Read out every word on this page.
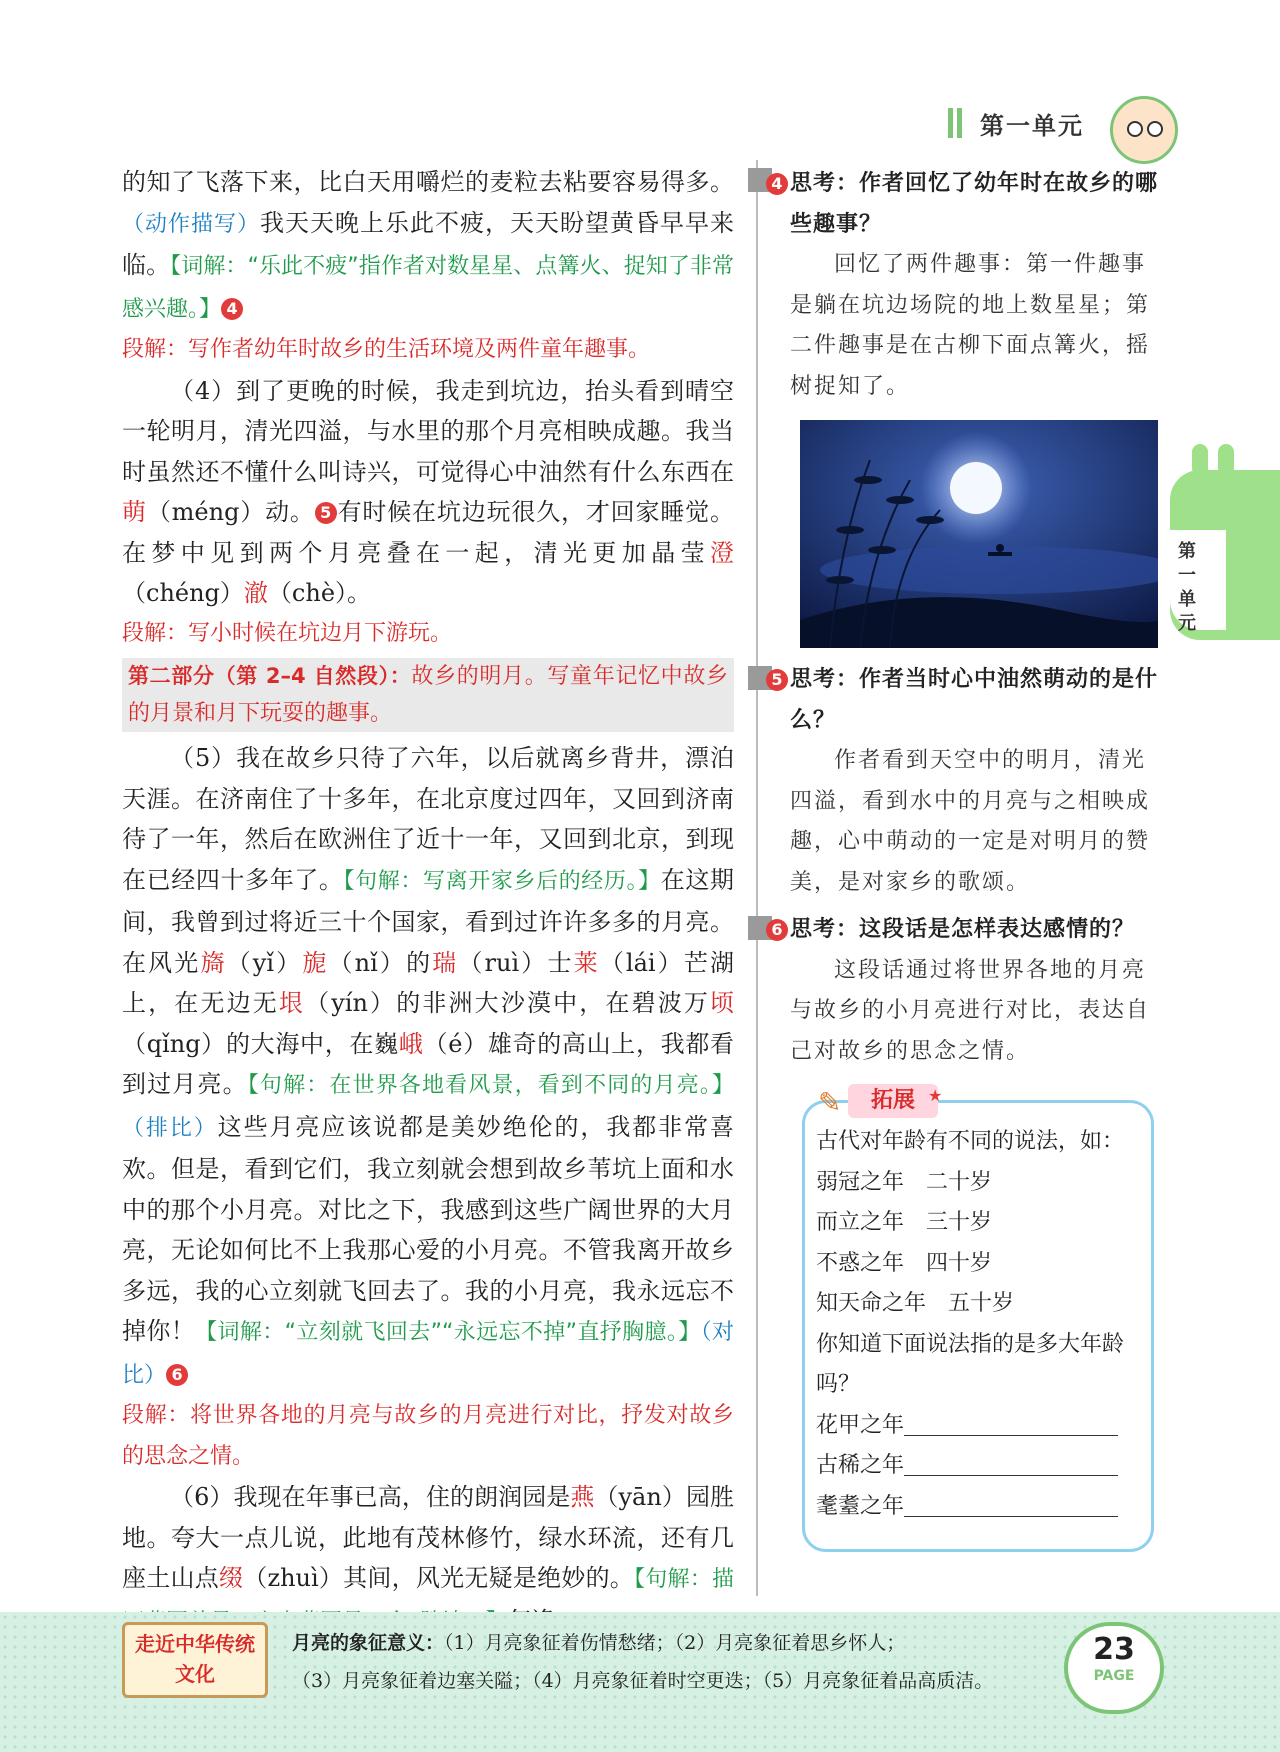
第一单元

的知了飞落下来，比白天用嚼烂的麦粒去粘要容易得多。（动作描写）我天天晚上乐此不疲，天天盼望黄昏早早来临。【词解：“乐此不疲”指作者对数星星、点篝火、捉知了非常感兴趣。】 4

段解：写作者幼年时故乡的生活环境及两件童年趣事。

（4）到了更晚的时候，我走到坑边，抬头看到晴空一轮明月，清光四溢，与水里的那个月亮相映成趣。我当时虽然还不懂什么叫诗兴，可觉得心中油然有什么东西在萌（méng）动。 5 有时候在坑边玩很久，才回家睡觉。在梦中见到两个月亮叠在一起，清光更加晶莹澄（chéng）澈（chè）。

段解：写小时候在坑边月下游玩。

第二部分（第 2–4 自然段）：故乡的明月。写童年记忆中故乡的月景和月下玩耍的趣事。

（5）我在故乡只待了六年，以后就离乡背井，漂泊天涯。在济南住了十多年，在北京度过四年，又回到济南待了一年，然后在欧洲住了近十一年，又回到北京，到现在已经四十多年了。【句解：写离开家乡后的经历。】在这期间，我曾到过将近三十个国家，看到过许许多多的月亮。在风光旖（yǐ）旎（nǐ）的瑞（ruì）士莱（lái）芒湖上，在无边无垠（yín）的非洲大沙漠中，在碧波万顷（qǐng）的大海中，在巍峨（é）雄奇的高山上，我都看到过月亮。【句解：在世界各地看风景，看到不同的月亮。】（排比）这些月亮应该说都是美妙绝伦的，我都非常喜欢。但是，看到它们，我立刻就会想到故乡苇坑上面和水中的那个小月亮。对比之下，我感到这些广阔世界的大月亮，无论如何比不上我那心爱的小月亮。不管我离开故乡多远，我的心立刻就飞回去了。我的小月亮，我永远忘不掉你！【词解：“立刻就飞回去”“永远忘不掉”直抒胸臆。】（对比） 6

段解：将世界各地的月亮与故乡的月亮进行对比，抒发对故乡的思念之情。

（6）我现在年事已高，住的朗润园是燕（yān）园胜地。夸大一点儿说，此地有茂林修竹，绿水环流，还有几座土山点缀（zhuì）其间，风光无疑是绝妙的。【句解：描

4 思考：作者回忆了幼年时在故乡的哪些趣事？
回忆了两件趣事：第一件趣事是躺在坑边场院的地上数星星；第二件趣事是在古柳下面点篝火，摇树捉知了。
5 思考：作者当时心中油然萌动的是什么？
作者看到天空中的明月，清光四溢，看到水中的月亮与之相映成趣，心中萌动的一定是对明月的赞美，是对家乡的歌颂。
6 思考：这段话是怎样表达感情的？
这段话通过将世界各地的月亮与故乡的小月亮进行对比，表达自己对故乡的思念之情。
第一单元
✎	拓展 ★

古代对年龄有不同的说法，如：

弱冠之年　二十岁

而立之年　三十岁

不惑之年　四十岁

知天命之年　五十岁

你知道下面说法指的是多大年龄吗？

花甲之年

古稀之年

耄耋之年

走近中华传统文化
月亮的象征意义：（1）月亮象征着伤情愁绪；（2）月亮象征着思乡怀人；
（3）月亮象征着边塞关隘；（4）月亮象征着时空更迭；（5）月亮象征着品高质洁。
23
PAGE
